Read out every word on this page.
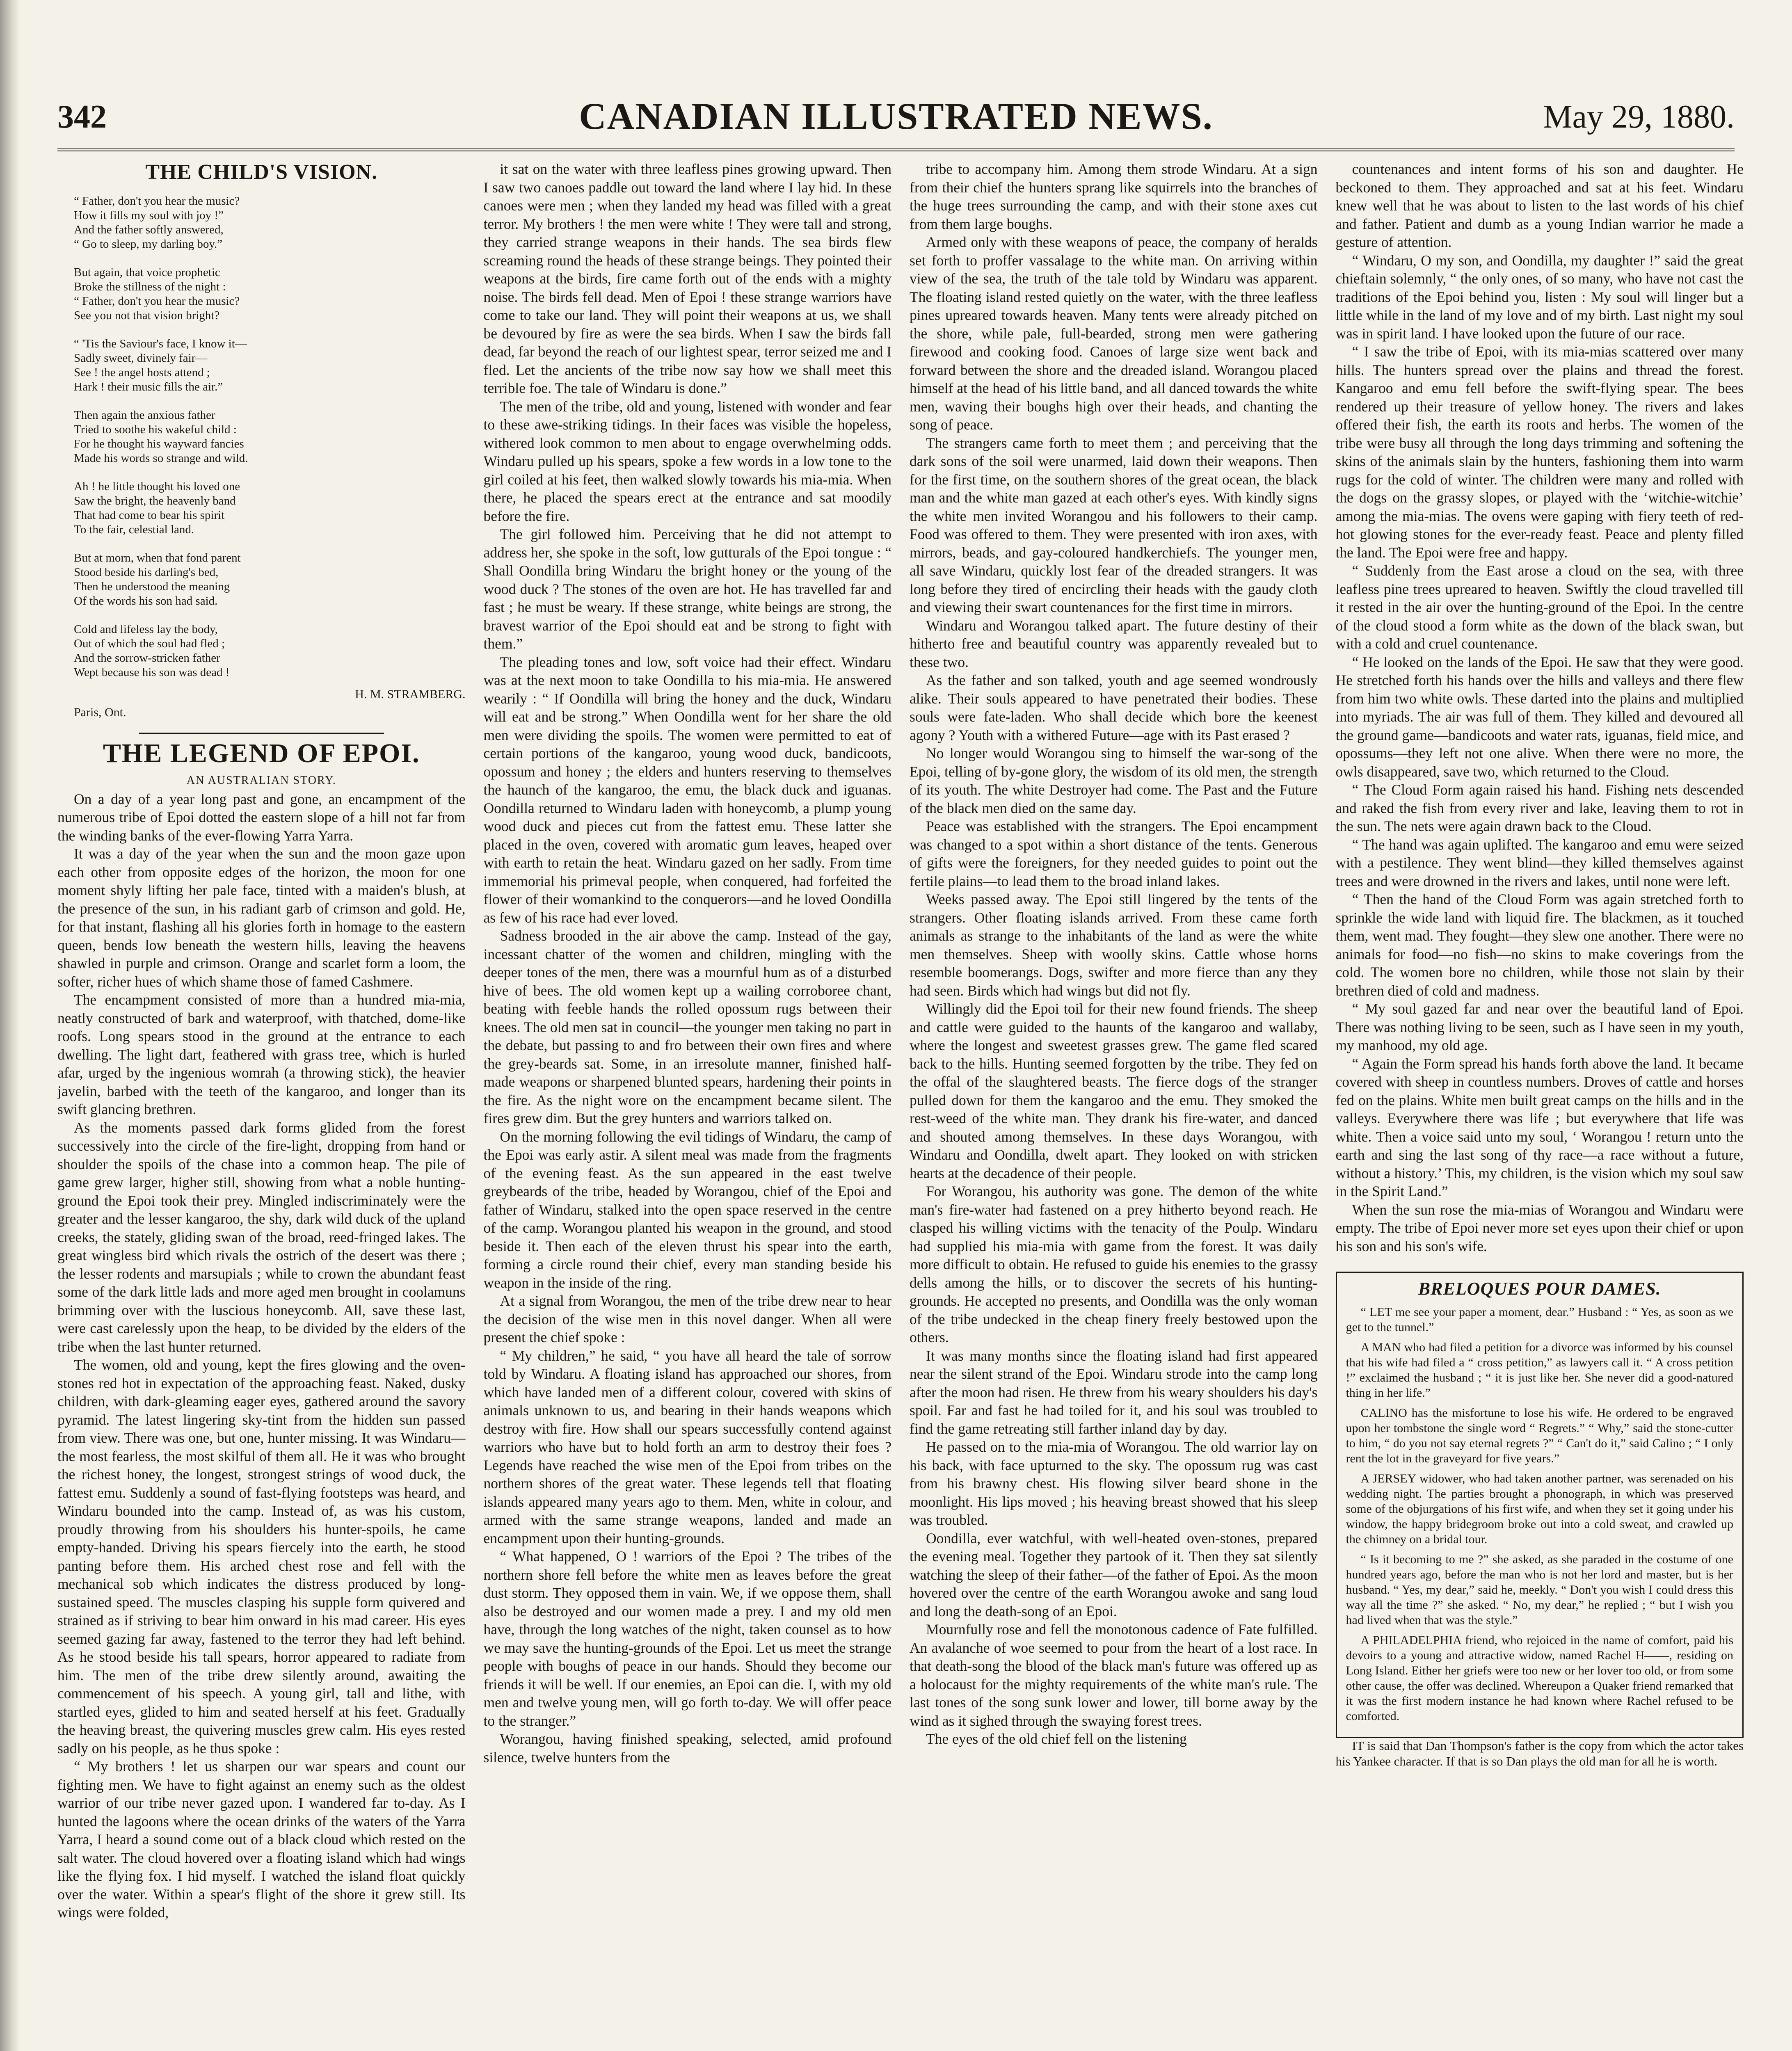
342	CANADIAN ILLUSTRATED NEWS.	May 29, 1880.
THE CHILD'S VISION.
“ Father, don't you hear the music?
How it fills my soul with joy !”
And the father softly answered,
“ Go to sleep, my darling boy.”
But again, that voice prophetic
Broke the stillness of the night :
“ Father, don't you hear the music?
See you not that vision bright?
“ 'Tis the Saviour's face, I know it—
Sadly sweet, divinely fair—
See ! the angel hosts attend ;
Hark ! their music fills the air.”
Then again the anxious father
Tried to soothe his wakeful child :
For he thought his wayward fancies
Made his words so strange and wild.
Ah ! he little thought his loved one
Saw the bright, the heavenly band
That had come to bear his spirit
To the fair, celestial land.
But at morn, when that fond parent
Stood beside his darling's bed,
Then he understood the meaning
Of the words his son had said.
Cold and lifeless lay the body,
Out of which the soul had fled ;
And the sorrow-stricken father
Wept because his son was dead !
H. M. STRAMBERG.
Paris, Ont.
THE LEGEND OF EPOI.

AN AUSTRALIAN STORY.

On a day of a year long past and gone, an encampment of the numerous tribe of Epoi dotted the eastern slope of a hill not far from the winding banks of the ever-flowing Yarra Yarra.

It was a day of the year when the sun and the moon gaze upon each other from opposite edges of the horizon, the moon for one moment shyly lifting her pale face, tinted with a maiden's blush, at the presence of the sun, in his radiant garb of crimson and gold. He, for that instant, flashing all his glories forth in homage to the eastern queen, bends low beneath the western hills, leaving the heavens shawled in purple and crimson. Orange and scarlet form a loom, the softer, richer hues of which shame those of famed Cashmere.

The encampment consisted of more than a hundred mia-mia, neatly constructed of bark and waterproof, with thatched, dome-like roofs. Long spears stood in the ground at the entrance to each dwelling. The light dart, feathered with grass tree, which is hurled afar, urged by the ingenious womrah (a throwing stick), the heavier javelin, barbed with the teeth of the kangaroo, and longer than its swift glancing brethren.

As the moments passed dark forms glided from the forest successively into the circle of the fire-light, dropping from hand or shoulder the spoils of the chase into a common heap. The pile of game grew larger, higher still, showing from what a noble hunting-ground the Epoi took their prey. Mingled indiscriminately were the greater and the lesser kangaroo, the shy, dark wild duck of the upland creeks, the stately, gliding swan of the broad, reed-fringed lakes. The great wingless bird which rivals the ostrich of the desert was there ; the lesser rodents and marsupials ; while to crown the abundant feast some of the dark little lads and more aged men brought in coolamuns brimming over with the luscious honeycomb. All, save these last, were cast carelessly upon the heap, to be divided by the elders of the tribe when the last hunter returned.

The women, old and young, kept the fires glowing and the oven-stones red hot in expectation of the approaching feast. Naked, dusky children, with dark-gleaming eager eyes, gathered around the savory pyramid. The latest lingering sky-tint from the hidden sun passed from view. There was one, but one, hunter missing. It was Windaru—the most fearless, the most skilful of them all. He it was who brought the richest honey, the longest, strongest strings of wood duck, the fattest emu. Suddenly a sound of fast-flying footsteps was heard, and Windaru bounded into the camp. Instead of, as was his custom, proudly throwing from his shoulders his hunter-spoils, he came empty-handed. Driving his spears fiercely into the earth, he stood panting before them. His arched chest rose and fell with the mechanical sob which indicates the distress produced by long-sustained speed. The muscles clasping his supple form quivered and strained as if striving to bear him onward in his mad career. His eyes seemed gazing far away, fastened to the terror they had left behind. As he stood beside his tall spears, horror appeared to radiate from him. The men of the tribe drew silently around, awaiting the commencement of his speech. A young girl, tall and lithe, with startled eyes, glided to him and seated herself at his feet. Gradually the heaving breast, the quivering muscles grew calm. His eyes rested sadly on his people, as he thus spoke :

“ My brothers ! let us sharpen our war spears and count our fighting men. We have to fight against an enemy such as the oldest warrior of our tribe never gazed upon. I wandered far to-day. As I hunted the lagoons where the ocean drinks of the waters of the Yarra Yarra, I heard a sound come out of a black cloud which rested on the salt water. The cloud hovered over a floating island which had wings like the flying fox. I hid myself. I watched the island float quickly over the water. Within a spear's flight of the shore it grew still. Its wings were folded,

it sat on the water with three leafless pines growing upward. Then I saw two canoes paddle out toward the land where I lay hid. In these canoes were men ; when they landed my head was filled with a great terror. My brothers ! the men were white ! They were tall and strong, they carried strange weapons in their hands. The sea birds flew screaming round the heads of these strange beings. They pointed their weapons at the birds, fire came forth out of the ends with a mighty noise. The birds fell dead. Men of Epoi ! these strange warriors have come to take our land. They will point their weapons at us, we shall be devoured by fire as were the sea birds. When I saw the birds fall dead, far beyond the reach of our lightest spear, terror seized me and I fled. Let the ancients of the tribe now say how we shall meet this terrible foe. The tale of Windaru is done.”

The men of the tribe, old and young, listened with wonder and fear to these awe-striking tidings. In their faces was visible the hopeless, withered look common to men about to engage overwhelming odds. Windaru pulled up his spears, spoke a few words in a low tone to the girl coiled at his feet, then walked slowly towards his mia-mia. When there, he placed the spears erect at the entrance and sat moodily before the fire.

The girl followed him. Perceiving that he did not attempt to address her, she spoke in the soft, low gutturals of the Epoi tongue : “ Shall Oondilla bring Windaru the bright honey or the young of the wood duck ? The stones of the oven are hot. He has travelled far and fast ; he must be weary. If these strange, white beings are strong, the bravest warrior of the Epoi should eat and be strong to fight with them.”

The pleading tones and low, soft voice had their effect. Windaru was at the next moon to take Oondilla to his mia-mia. He answered wearily : “ If Oondilla will bring the honey and the duck, Windaru will eat and be strong.” When Oondilla went for her share the old men were dividing the spoils. The women were permitted to eat of certain portions of the kangaroo, young wood duck, bandicoots, opossum and honey ; the elders and hunters reserving to themselves the haunch of the kangaroo, the emu, the black duck and iguanas. Oondilla returned to Windaru laden with honeycomb, a plump young wood duck and pieces cut from the fattest emu. These latter she placed in the oven, covered with aromatic gum leaves, heaped over with earth to retain the heat. Windaru gazed on her sadly. From time immemorial his primeval people, when conquered, had forfeited the flower of their womankind to the conquerors—and he loved Oondilla as few of his race had ever loved.

Sadness brooded in the air above the camp. Instead of the gay, incessant chatter of the women and children, mingling with the deeper tones of the men, there was a mournful hum as of a disturbed hive of bees. The old women kept up a wailing corroboree chant, beating with feeble hands the rolled opossum rugs between their knees. The old men sat in council—the younger men taking no part in the debate, but passing to and fro between their own fires and where the grey-beards sat. Some, in an irresolute manner, finished half-made weapons or sharpened blunted spears, hardening their points in the fire. As the night wore on the encampment became silent. The fires grew dim. But the grey hunters and warriors talked on.

On the morning following the evil tidings of Windaru, the camp of the Epoi was early astir. A silent meal was made from the fragments of the evening feast. As the sun appeared in the east twelve greybeards of the tribe, headed by Worangou, chief of the Epoi and father of Windaru, stalked into the open space reserved in the centre of the camp. Worangou planted his weapon in the ground, and stood beside it. Then each of the eleven thrust his spear into the earth, forming a circle round their chief, every man standing beside his weapon in the inside of the ring.

At a signal from Worangou, the men of the tribe drew near to hear the decision of the wise men in this novel danger. When all were present the chief spoke :

“ My children,” he said, “ you have all heard the tale of sorrow told by Windaru. A floating island has approached our shores, from which have landed men of a different colour, covered with skins of animals unknown to us, and bearing in their hands weapons which destroy with fire. How shall our spears successfully contend against warriors who have but to hold forth an arm to destroy their foes ? Legends have reached the wise men of the Epoi from tribes on the northern shores of the great water. These legends tell that floating islands appeared many years ago to them. Men, white in colour, and armed with the same strange weapons, landed and made an encampment upon their hunting-grounds.

“ What happened, O ! warriors of the Epoi ? The tribes of the northern shore fell before the white men as leaves before the great dust storm. They opposed them in vain. We, if we oppose them, shall also be destroyed and our women made a prey. I and my old men have, through the long watches of the night, taken counsel as to how we may save the hunting-grounds of the Epoi. Let us meet the strange people with boughs of peace in our hands. Should they become our friends it will be well. If our enemies, an Epoi can die. I, with my old men and twelve young men, will go forth to-day. We will offer peace to the stranger.”

Worangou, having finished speaking, selected, amid profound silence, twelve hunters from the

tribe to accompany him. Among them strode Windaru. At a sign from their chief the hunters sprang like squirrels into the branches of the huge trees surrounding the camp, and with their stone axes cut from them large boughs.

Armed only with these weapons of peace, the company of heralds set forth to proffer vassalage to the white man. On arriving within view of the sea, the truth of the tale told by Windaru was apparent. The floating island rested quietly on the water, with the three leafless pines upreared towards heaven. Many tents were already pitched on the shore, while pale, full-bearded, strong men were gathering firewood and cooking food. Canoes of large size went back and forward between the shore and the dreaded island. Worangou placed himself at the head of his little band, and all danced towards the white men, waving their boughs high over their heads, and chanting the song of peace.

The strangers came forth to meet them ; and perceiving that the dark sons of the soil were unarmed, laid down their weapons. Then for the first time, on the southern shores of the great ocean, the black man and the white man gazed at each other's eyes. With kindly signs the white men invited Worangou and his followers to their camp. Food was offered to them. They were presented with iron axes, with mirrors, beads, and gay-coloured handkerchiefs. The younger men, all save Windaru, quickly lost fear of the dreaded strangers. It was long before they tired of encircling their heads with the gaudy cloth and viewing their swart countenances for the first time in mirrors.

Windaru and Worangou talked apart. The future destiny of their hitherto free and beautiful country was apparently revealed but to these two.

As the father and son talked, youth and age seemed wondrously alike. Their souls appeared to have penetrated their bodies. These souls were fate-laden. Who shall decide which bore the keenest agony ? Youth with a withered Future—age with its Past erased ?

No longer would Worangou sing to himself the war-song of the Epoi, telling of by-gone glory, the wisdom of its old men, the strength of its youth. The white Destroyer had come. The Past and the Future of the black men died on the same day.

Peace was established with the strangers. The Epoi encampment was changed to a spot within a short distance of the tents. Generous of gifts were the foreigners, for they needed guides to point out the fertile plains—to lead them to the broad inland lakes.

Weeks passed away. The Epoi still lingered by the tents of the strangers. Other floating islands arrived. From these came forth animals as strange to the inhabitants of the land as were the white men themselves. Sheep with woolly skins. Cattle whose horns resemble boomerangs. Dogs, swifter and more fierce than any they had seen. Birds which had wings but did not fly.

Willingly did the Epoi toil for their new found friends. The sheep and cattle were guided to the haunts of the kangaroo and wallaby, where the longest and sweetest grasses grew. The game fled scared back to the hills. Hunting seemed forgotten by the tribe. They fed on the offal of the slaughtered beasts. The fierce dogs of the stranger pulled down for them the kangaroo and the emu. They smoked the rest-weed of the white man. They drank his fire-water, and danced and shouted among themselves. In these days Worangou, with Windaru and Oondilla, dwelt apart. They looked on with stricken hearts at the decadence of their people.

For Worangou, his authority was gone. The demon of the white man's fire-water had fastened on a prey hitherto beyond reach. He clasped his willing victims with the tenacity of the Poulp. Windaru had supplied his mia-mia with game from the forest. It was daily more difficult to obtain. He refused to guide his enemies to the grassy dells among the hills, or to discover the secrets of his hunting-grounds. He accepted no presents, and Oondilla was the only woman of the tribe undecked in the cheap finery freely bestowed upon the others.

It was many months since the floating island had first appeared near the silent strand of the Epoi. Windaru strode into the camp long after the moon had risen. He threw from his weary shoulders his day's spoil. Far and fast he had toiled for it, and his soul was troubled to find the game retreating still farther inland day by day.

He passed on to the mia-mia of Worangou. The old warrior lay on his back, with face upturned to the sky. The opossum rug was cast from his brawny chest. His flowing silver beard shone in the moonlight. His lips moved ; his heaving breast showed that his sleep was troubled.

Oondilla, ever watchful, with well-heated oven-stones, prepared the evening meal. Together they partook of it. Then they sat silently watching the sleep of their father—of the father of Epoi. As the moon hovered over the centre of the earth Worangou awoke and sang loud and long the death-song of an Epoi.

Mournfully rose and fell the monotonous cadence of Fate fulfilled. An avalanche of woe seemed to pour from the heart of a lost race. In that death-song the blood of the black man's future was offered up as a holocaust for the mighty requirements of the white man's rule. The last tones of the song sunk lower and lower, till borne away by the wind as it sighed through the swaying forest trees.

The eyes of the old chief fell on the listening

countenances and intent forms of his son and daughter. He beckoned to them. They approached and sat at his feet. Windaru knew well that he was about to listen to the last words of his chief and father. Patient and dumb as a young Indian warrior he made a gesture of attention.

“ Windaru, O my son, and Oondilla, my daughter !” said the great chieftain solemnly, “ the only ones, of so many, who have not cast the traditions of the Epoi behind you, listen : My soul will linger but a little while in the land of my love and of my birth. Last night my soul was in spirit land. I have looked upon the future of our race.

“ I saw the tribe of Epoi, with its mia-mias scattered over many hills. The hunters spread over the plains and thread the forest. Kangaroo and emu fell before the swift-flying spear. The bees rendered up their treasure of yellow honey. The rivers and lakes offered their fish, the earth its roots and herbs. The women of the tribe were busy all through the long days trimming and softening the skins of the animals slain by the hunters, fashioning them into warm rugs for the cold of winter. The children were many and rolled with the dogs on the grassy slopes, or played with the ‘witchie-witchie’ among the mia-mias. The ovens were gaping with fiery teeth of red-hot glowing stones for the ever-ready feast. Peace and plenty filled the land. The Epoi were free and happy.

“ Suddenly from the East arose a cloud on the sea, with three leafless pine trees upreared to heaven. Swiftly the cloud travelled till it rested in the air over the hunting-ground of the Epoi. In the centre of the cloud stood a form white as the down of the black swan, but with a cold and cruel countenance.

“ He looked on the lands of the Epoi. He saw that they were good. He stretched forth his hands over the hills and valleys and there flew from him two white owls. These darted into the plains and multiplied into myriads. The air was full of them. They killed and devoured all the ground game—bandicoots and water rats, iguanas, field mice, and opossums—they left not one alive. When there were no more, the owls disappeared, save two, which returned to the Cloud.

“ The Cloud Form again raised his hand. Fishing nets descended and raked the fish from every river and lake, leaving them to rot in the sun. The nets were again drawn back to the Cloud.

“ The hand was again uplifted. The kangaroo and emu were seized with a pestilence. They went blind—they killed themselves against trees and were drowned in the rivers and lakes, until none were left.

“ Then the hand of the Cloud Form was again stretched forth to sprinkle the wide land with liquid fire. The blackmen, as it touched them, went mad. They fought—they slew one another. There were no animals for food—no fish—no skins to make coverings from the cold. The women bore no children, while those not slain by their brethren died of cold and madness.

“ My soul gazed far and near over the beautiful land of Epoi. There was nothing living to be seen, such as I have seen in my youth, my manhood, my old age.

“ Again the Form spread his hands forth above the land. It became covered with sheep in countless numbers. Droves of cattle and horses fed on the plains. White men built great camps on the hills and in the valleys. Everywhere there was life ; but everywhere that life was white. Then a voice said unto my soul, ‘ Worangou ! return unto the earth and sing the last song of thy race—a race without a future, without a history.’ This, my children, is the vision which my soul saw in the Spirit Land.”

When the sun rose the mia-mias of Worangou and Windaru were empty. The tribe of Epoi never more set eyes upon their chief or upon his son and his son's wife.

BRELOQUES POUR DAMES.

“ LET me see your paper a moment, dear.” Husband : “ Yes, as soon as we get to the tunnel.”

A MAN who had filed a petition for a divorce was informed by his counsel that his wife had filed a “ cross petition,” as lawyers call it. “ A cross petition !” exclaimed the husband ; “ it is just like her. She never did a good-natured thing in her life.”

CALINO has the misfortune to lose his wife. He ordered to be engraved upon her tombstone the single word “ Regrets.” “ Why,” said the stone-cutter to him, “ do you not say eternal regrets ?” “ Can't do it,” said Calino ; “ I only rent the lot in the graveyard for five years.”

A JERSEY widower, who had taken another partner, was serenaded on his wedding night. The parties brought a phonograph, in which was preserved some of the objurgations of his first wife, and when they set it going under his window, the happy bridegroom broke out into a cold sweat, and crawled up the chimney on a bridal tour.

“ Is it becoming to me ?” she asked, as she paraded in the costume of one hundred years ago, before the man who is not her lord and master, but is her husband. “ Yes, my dear,” said he, meekly. “ Don't you wish I could dress this way all the time ?” she asked. “ No, my dear,” he replied ; “ but I wish you had lived when that was the style.”

A PHILADELPHIA friend, who rejoiced in the name of comfort, paid his devoirs to a young and attractive widow, named Rachel H——, residing on Long Island. Either her griefs were too new or her lover too old, or from some other cause, the offer was declined. Whereupon a Quaker friend remarked that it was the first modern instance he had known where Rachel refused to be comforted.

IT is said that Dan Thompson's father is the copy from which the actor takes his Yankee character. If that is so Dan plays the old man for all he is worth.
